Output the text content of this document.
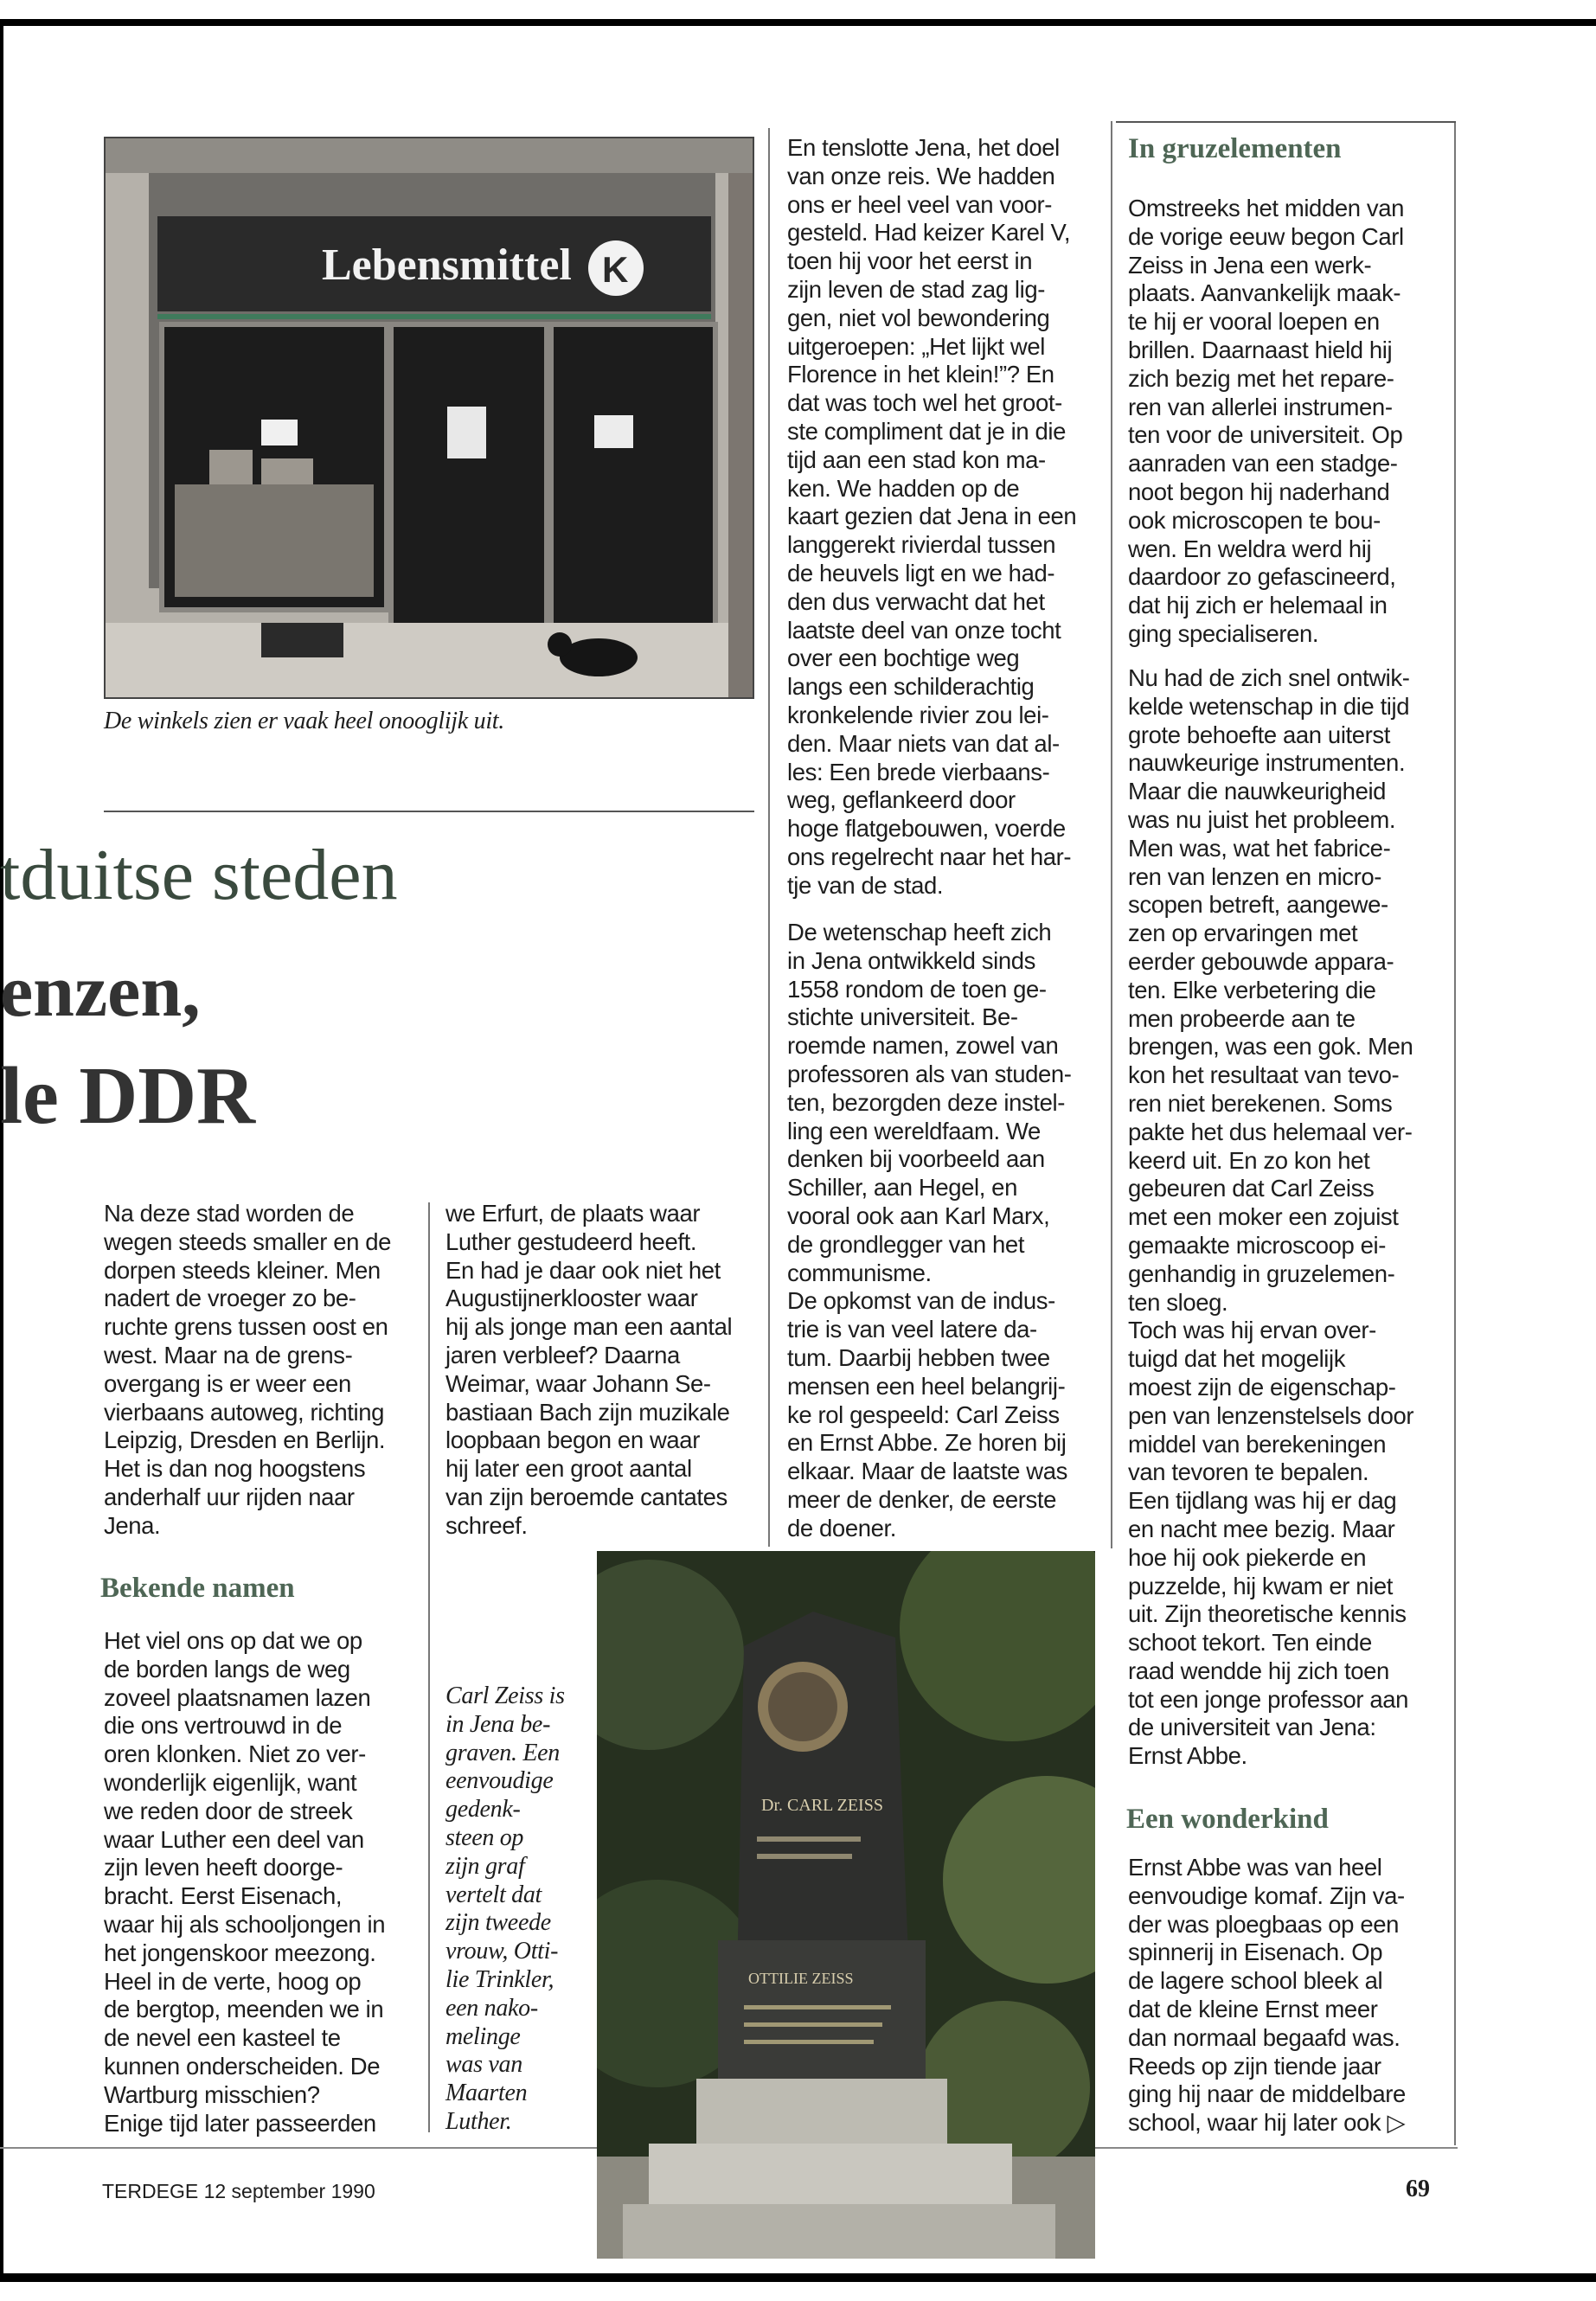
Lebensmittel K
De winkels zien er vaak heel onooglijk uit.
tduitse steden
enzen,
le DDR
Na deze stad worden de
wegen steeds smaller en de
dorpen steeds kleiner. Men
nadert de vroeger zo be-
ruchte grens tussen oost en
west. Maar na de grens-
overgang is er weer een
vierbaans autoweg, richting
Leipzig, Dresden en Berlijn.
Het is dan nog hoogstens
anderhalf uur rijden naar
Jena.
Bekende namen
Het viel ons op dat we op
de borden langs de weg
zoveel plaatsnamen lazen
die ons vertrouwd in de
oren klonken. Niet zo ver-
wonderlijk eigenlijk, want
we reden door de streek
waar Luther een deel van
zijn leven heeft doorge-
bracht. Eerst Eisenach,
waar hij als schooljongen in
het jongenskoor meezong.
Heel in de verte, hoog op
de bergtop, meenden we in
de nevel een kasteel te
kunnen onderscheiden. De
Wartburg misschien?
Enige tijd later passeerden
we Erfurt, de plaats waar
Luther gestudeerd heeft.
En had je daar ook niet het
Augustijnerklooster waar
hij als jonge man een aantal
jaren verbleef? Daarna
Weimar, waar Johann Se-
bastiaan Bach zijn muzikale
loopbaan begon en waar
hij later een groot aantal
van zijn beroemde cantates
schreef.
Carl Zeiss is
in Jena be-
graven. Een
eenvoudige
gedenk-
steen op
zijn graf
vertelt dat
zijn tweede
vrouw, Otti-
lie Trinkler,
een nako-
melinge
was van
Maarten
Luther.
Dr. CARL ZEISS
OTTILIE ZEISS
En tenslotte Jena, het doel
van onze reis. We hadden
ons er heel veel van voor-
gesteld. Had keizer Karel V,
toen hij voor het eerst in
zijn leven de stad zag lig-
gen, niet vol bewondering
uitgeroepen: „Het lijkt wel
Florence in het klein!”? En
dat was toch wel het groot-
ste compliment dat je in die
tijd aan een stad kon ma-
ken. We hadden op de
kaart gezien dat Jena in een
langgerekt rivierdal tussen
de heuvels ligt en we had-
den dus verwacht dat het
laatste deel van onze tocht
over een bochtige weg
langs een schilderachtig
kronkelende rivier zou lei-
den. Maar niets van dat al-
les: Een brede vierbaans-
weg, geflankeerd door
hoge flatgebouwen, voerde
ons regelrecht naar het har-
tje van de stad.
De wetenschap heeft zich
in Jena ontwikkeld sinds
1558 rondom de toen ge-
stichte universiteit. Be-
roemde namen, zowel van
professoren als van studen-
ten, bezorgden deze instel-
ling een wereldfaam. We
denken bij voorbeeld aan
Schiller, aan Hegel, en
vooral ook aan Karl Marx,
de grondlegger van het
communisme.
De opkomst van de indus-
trie is van veel latere da-
tum. Daarbij hebben twee
mensen een heel belangrij-
ke rol gespeeld: Carl Zeiss
en Ernst Abbe. Ze horen bij
elkaar. Maar de laatste was
meer de denker, de eerste
de doener.
In gruzelementen
Omstreeks het midden van
de vorige eeuw begon Carl
Zeiss in Jena een werk-
plaats. Aanvankelijk maak-
te hij er vooral loepen en
brillen. Daarnaast hield hij
zich bezig met het repare-
ren van allerlei instrumen-
ten voor de universiteit. Op
aanraden van een stadge-
noot begon hij naderhand
ook microscopen te bou-
wen. En weldra werd hij
daardoor zo gefascineerd,
dat hij zich er helemaal in
ging specialiseren.
Nu had de zich snel ontwik-
kelde wetenschap in die tijd
grote behoefte aan uiterst
nauwkeurige instrumenten.
Maar die nauwkeurigheid
was nu juist het probleem.
Men was, wat het fabrice-
ren van lenzen en micro-
scopen betreft, aangewe-
zen op ervaringen met
eerder gebouwde appara-
ten. Elke verbetering die
men probeerde aan te
brengen, was een gok. Men
kon het resultaat van tevo-
ren niet berekenen. Soms
pakte het dus helemaal ver-
keerd uit. En zo kon het
gebeuren dat Carl Zeiss
met een moker een zojuist
gemaakte microscoop ei-
genhandig in gruzelemen-
ten sloeg.
Toch was hij ervan over-
tuigd dat het mogelijk
moest zijn de eigenschap-
pen van lenzenstelsels door
middel van berekeningen
van tevoren te bepalen.
Een tijdlang was hij er dag
en nacht mee bezig. Maar
hoe hij ook piekerde en
puzzelde, hij kwam er niet
uit. Zijn theoretische kennis
schoot tekort. Ten einde
raad wendde hij zich toen
tot een jonge professor aan
de universiteit van Jena:
Ernst Abbe.
Een wonderkind
Ernst Abbe was van heel
eenvoudige komaf. Zijn va-
der was ploegbaas op een
spinnerij in Eisenach. Op
de lagere school bleek al
dat de kleine Ernst meer
dan normaal begaafd was.
Reeds op zijn tiende jaar
ging hij naar de middelbare
school, waar hij later ook ▷
TERDEGE 12 september 1990	69
